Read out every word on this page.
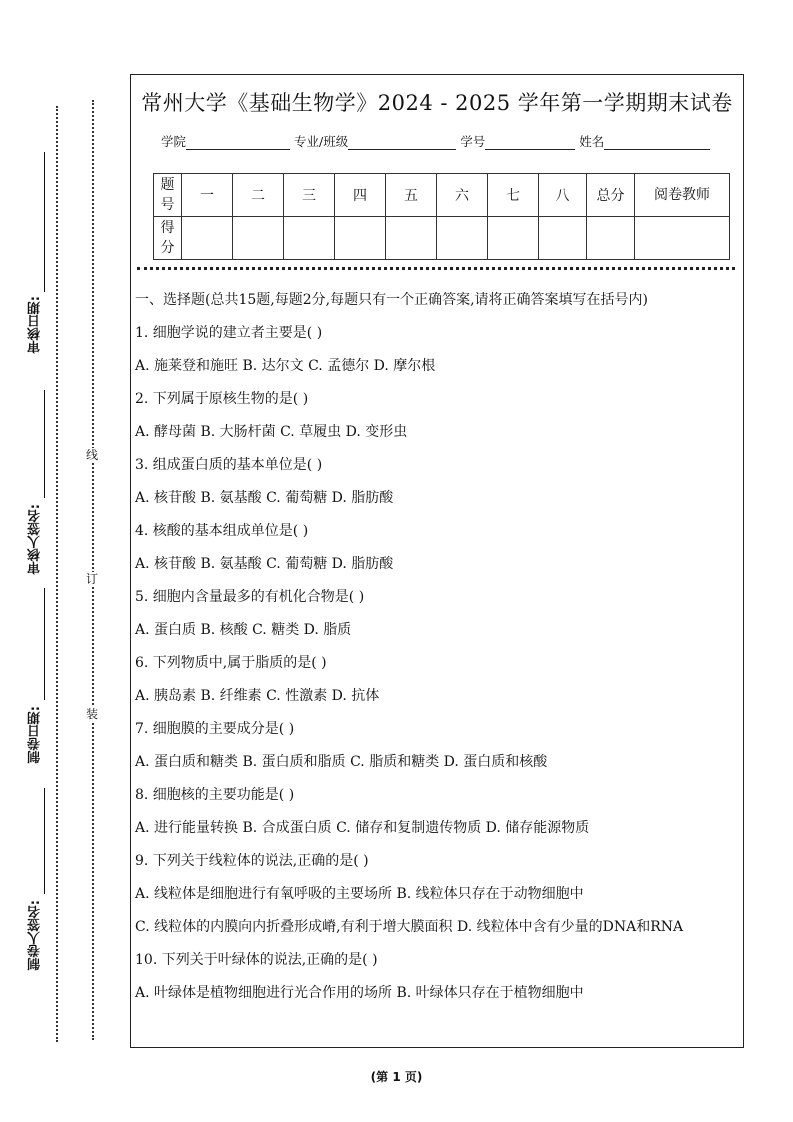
审核日期:
审核人签名:
制卷日期:
制卷人签名:
线
订
装
常州大学《基础生物学》2024 - 2025 学年第一学期期末试卷
学院	专业/班级	学号	姓名
题号	一	二	三	四	五	六	七	八	总分	阅卷教师
得分										

一、选择题(总共15题,每题2分,每题只有一个正确答案,请将正确答案填写在括号内)

1. 细胞学说的建立者主要是( )

A. 施莱登和施旺 B. 达尔文 C. 孟德尔 D. 摩尔根

2. 下列属于原核生物的是( )

A. 酵母菌 B. 大肠杆菌 C. 草履虫 D. 变形虫

3. 组成蛋白质的基本单位是( )

A. 核苷酸 B. 氨基酸 C. 葡萄糖 D. 脂肪酸

4. 核酸的基本组成单位是( )

A. 核苷酸 B. 氨基酸 C. 葡萄糖 D. 脂肪酸

5. 细胞内含量最多的有机化合物是( )

A. 蛋白质 B. 核酸 C. 糖类 D. 脂质

6. 下列物质中,属于脂质的是( )

A. 胰岛素 B. 纤维素 C. 性激素 D. 抗体

7. 细胞膜的主要成分是( )

A. 蛋白质和糖类 B. 蛋白质和脂质 C. 脂质和糖类 D. 蛋白质和核酸

8. 细胞核的主要功能是( )

A. 进行能量转换 B. 合成蛋白质 C. 储存和复制遗传物质 D. 储存能源物质

9. 下列关于线粒体的说法,正确的是( )

A. 线粒体是细胞进行有氧呼吸的主要场所 B. 线粒体只存在于动物细胞中

C. 线粒体的内膜向内折叠形成嵴,有利于增大膜面积 D. 线粒体中含有少量的DNA和RNA

10. 下列关于叶绿体的说法,正确的是( )

A. 叶绿体是植物细胞进行光合作用的场所 B. 叶绿体只存在于植物细胞中

(第 1 页)
